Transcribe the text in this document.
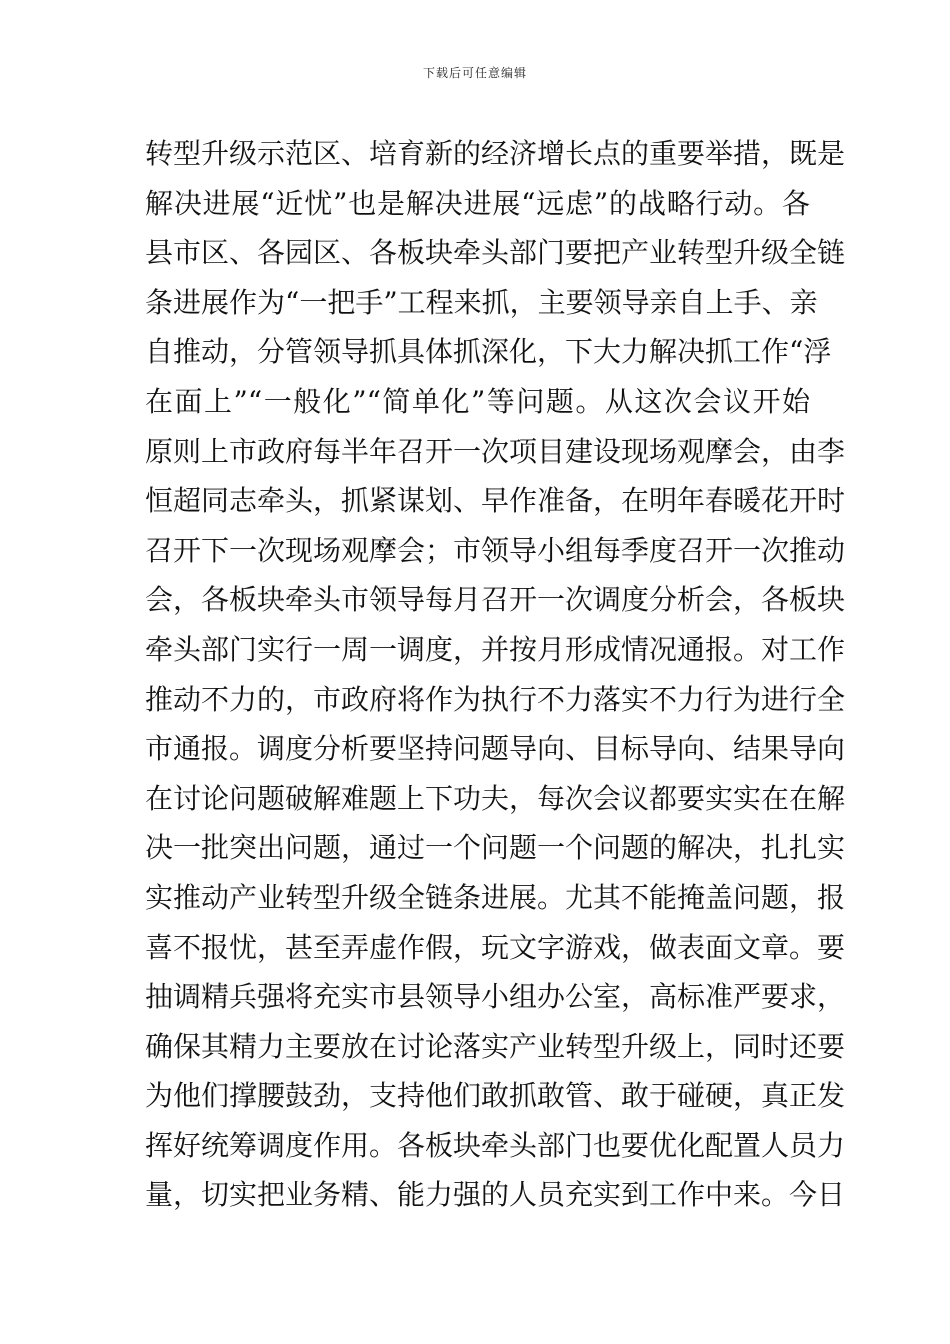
下载后可任意编辑
转型升级示范区、培育新的经济增长点的重要举措，既是
解决进展“近忧”也是解决进展“远虑”的战略行动。各
县市区、各园区、各板块牵头部门要把产业转型升级全链
条进展作为“一把手”工程来抓，主要领导亲自上手、亲
自推动，分管领导抓具体抓深化，下大力解决抓工作“浮
在面上”“一般化”“简单化”等问题。从这次会议开始
原则上市政府每半年召开一次项目建设现场观摩会，由李
恒超同志牵头，抓紧谋划、早作准备，在明年春暖花开时
召开下一次现场观摩会；市领导小组每季度召开一次推动
会，各板块牵头市领导每月召开一次调度分析会，各板块
牵头部门实行一周一调度，并按月形成情况通报。对工作
推动不力的，市政府将作为执行不力落实不力行为进行全
市通报。调度分析要坚持问题导向、目标导向、结果导向
在讨论问题破解难题上下功夫，每次会议都要实实在在解
决一批突出问题，通过一个问题一个问题的解决，扎扎实
实推动产业转型升级全链条进展。尤其不能掩盖问题，报
喜不报忧，甚至弄虚作假，玩文字游戏，做表面文章。要
抽调精兵强将充实市县领导小组办公室，高标准严要求，
确保其精力主要放在讨论落实产业转型升级上，同时还要
为他们撑腰鼓劲，支持他们敢抓敢管、敢于碰硬，真正发
挥好统筹调度作用。各板块牵头部门也要优化配置人员力
量，切实把业务精、能力强的人员充实到工作中来。今日
